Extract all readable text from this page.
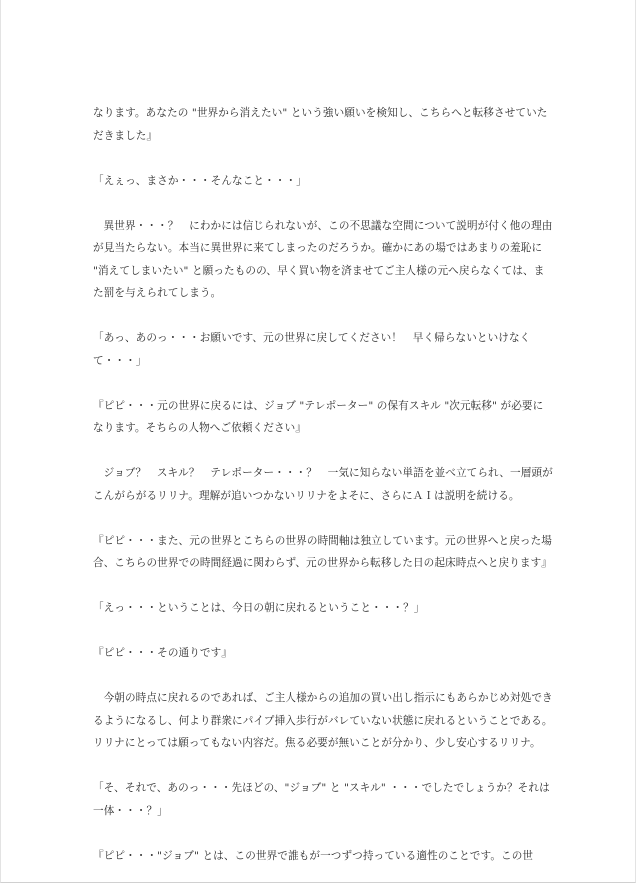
なります。あなたの "世界から消えたい" という強い願いを検知し、こちらへと転移させていただきました』

「えぇっ、まさか・・・そんなこと・・・」

異世界・・・？　にわかには信じられないが、この不思議な空間について説明が付く他の理由が見当たらない。本当に異世界に来てしまったのだろうか。確かにあの場ではあまりの羞恥に "消えてしまいたい" と願ったものの、早く買い物を済ませてご主人様の元へ戻らなくては、また罰を与えられてしまう。

「あっ、あのっ・・・お願いです、元の世界に戻してください！　早く帰らないといけなくて・・・」

『ピピ・・・元の世界に戻るには、ジョブ "テレポーター" の保有スキル "次元転移" が必要になります。そちらの人物へご依頼ください』

ジョブ？　スキル？　テレポーター・・・？　一気に知らない単語を並べ立てられ、一層頭がこんがらがるリリナ。理解が追いつかないリリナをよそに、さらにＡＩは説明を続ける。

『ピピ・・・また、元の世界とこちらの世界の時間軸は独立しています。元の世界へと戻った場合、こちらの世界での時間経過に関わらず、元の世界から転移した日の起床時点へと戻ります』

「えっ・・・ということは、今日の朝に戻れるということ・・・？」

『ピピ・・・その通りです』

今朝の時点に戻れるのであれば、ご主人様からの追加の買い出し指示にもあらかじめ対処できるようになるし、何より群衆にパイプ挿入歩行がバレていない状態に戻れるということである。リリナにとっては願ってもない内容だ。焦る必要が無いことが分かり、少し安心するリリナ。

「そ、それで、あのっ・・・先ほどの、"ジョブ" と "スキル" ・・・でしたでしょうか？それは一体・・・？」

『ピピ・・・"ジョブ" とは、この世界で誰もが一つずつ持っている適性のことです。この世
